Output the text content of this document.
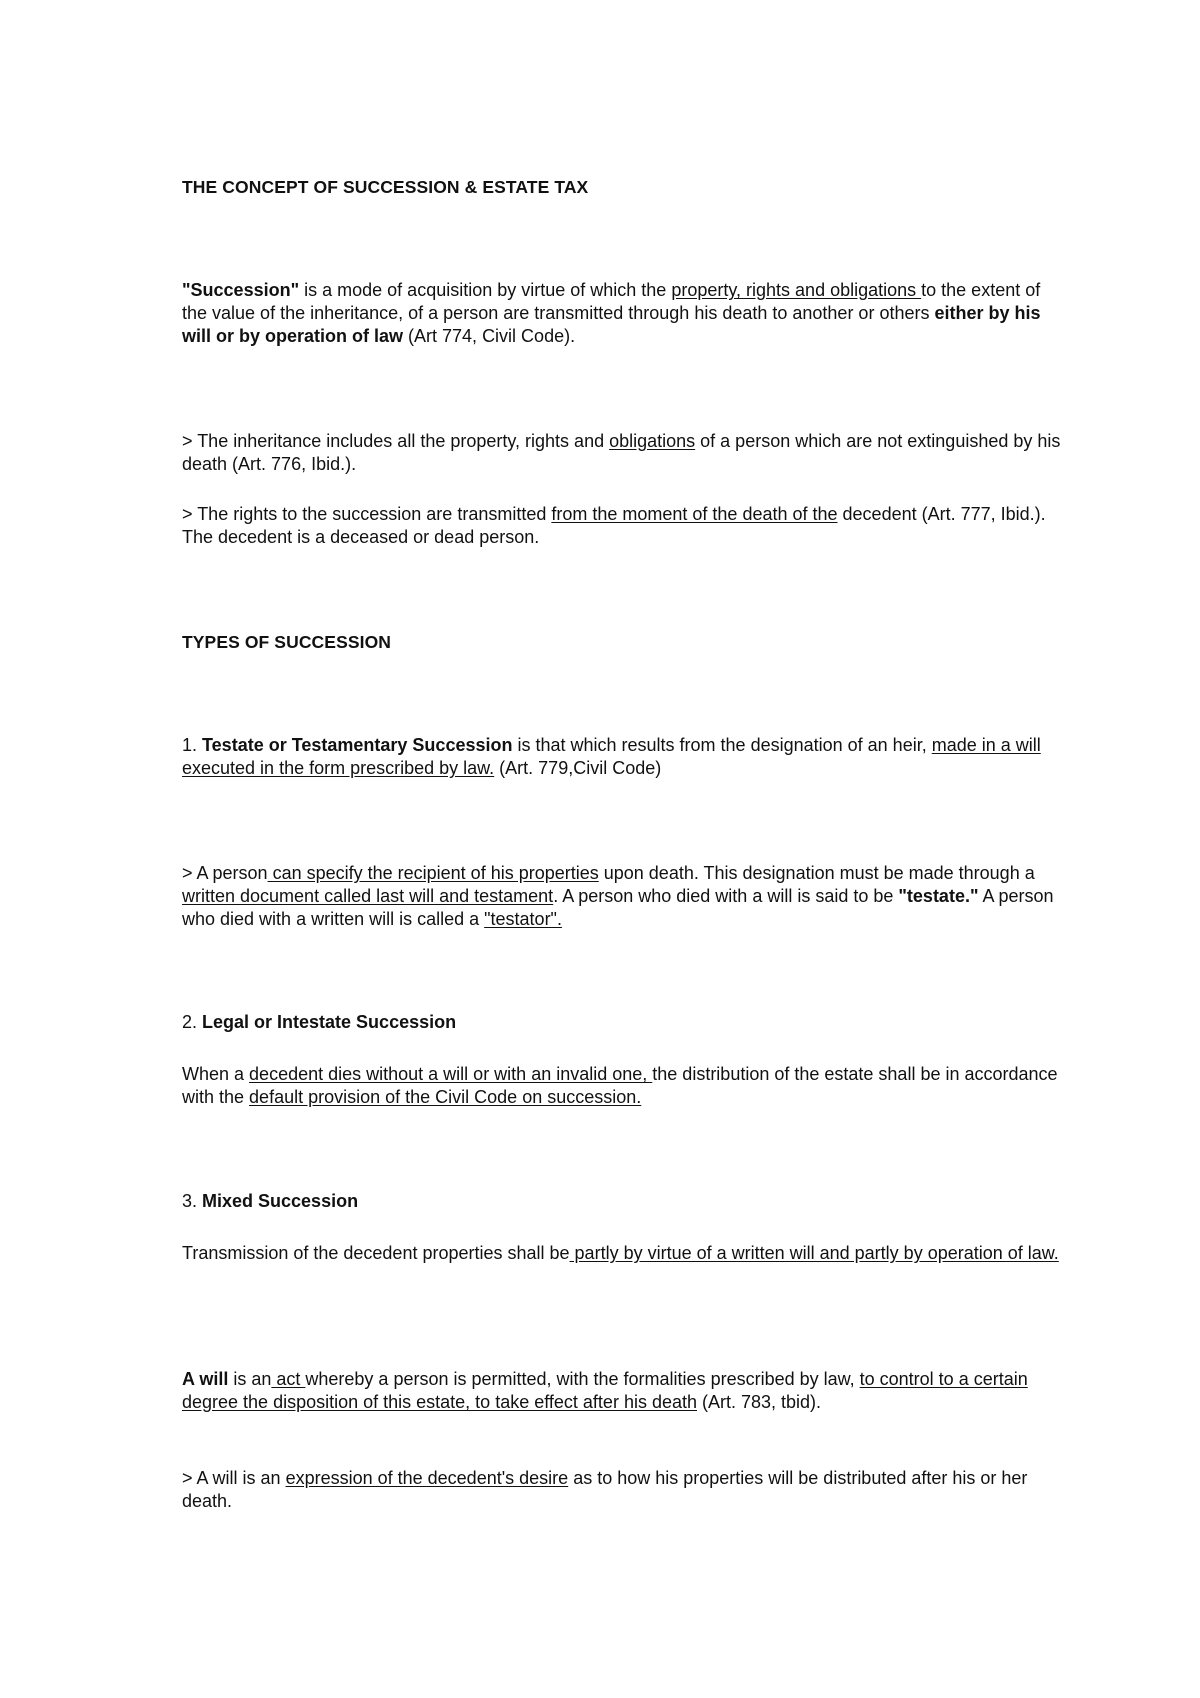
THE CONCEPT OF SUCCESSION & ESTATE TAX

"Succession" is a mode of acquisition by virtue of which the property, rights and obligations to the extent of the value of the inheritance, of a person are transmitted through his death to another or others either by his will or by operation of law (Art 774, Civil Code).

> The inheritance includes all the property, rights and obligations of a person which are not extinguished by his death (Art. 776, Ibid.).

> The rights to the succession are transmitted from the moment of the death of the decedent (Art. 777, Ibid.). The decedent is a deceased or dead person.

TYPES OF SUCCESSION

1. Testate or Testamentary Succession is that which results from the designation of an heir, made in a will executed in the form prescribed by law. (Art. 779,Civil Code)

> A person can specify the recipient of his properties upon death. This designation must be made through a written document called last will and testament. A person who died with a will is said to be "testate." A person who died with a written will is called a "testator".

2. Legal or Intestate Succession

When a decedent dies without a will or with an invalid one, the distribution of the estate shall be in accordance with the default provision of the Civil Code on succession.

3. Mixed Succession

Transmission of the decedent properties shall be partly by virtue of a written will and partly by operation of law.

A will is an act whereby a person is permitted, with the formalities prescribed by law, to control to a certain degree the disposition of this estate, to take effect after his death (Art. 783, tbid).

> A will is an expression of the decedent's desire as to how his properties will be distributed after his or her death.
